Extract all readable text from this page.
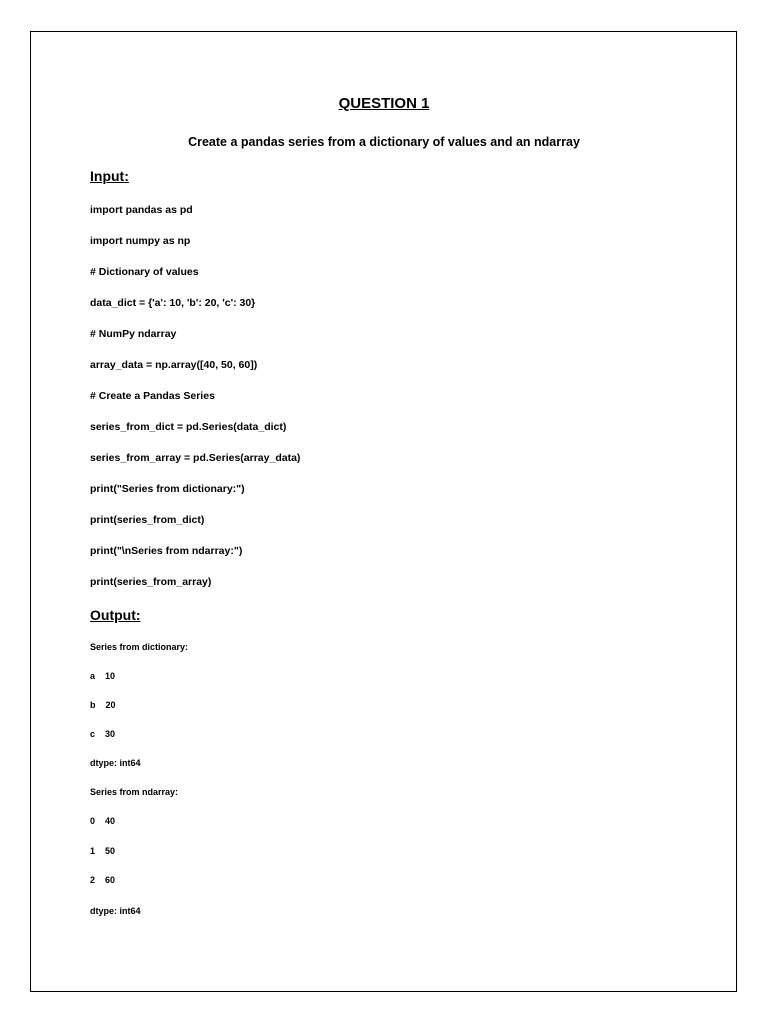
QUESTION 1
Create a pandas series from a dictionary of values and an ndarray
Input:
import pandas as pd
import numpy as np
# Dictionary of values
data_dict = {'a': 10, 'b': 20, 'c': 30}
# NumPy ndarray
array_data = np.array([40, 50, 60])
# Create a Pandas Series
series_from_dict = pd.Series(data_dict)
series_from_array = pd.Series(array_data)
print("Series from dictionary:")
print(series_from_dict)
print("\nSeries from ndarray:")
print(series_from_array)
Output:
Series from dictionary:
a    10
b    20
c    30
dtype: int64
Series from ndarray:
0    40
1    50
2    60
dtype: int64
